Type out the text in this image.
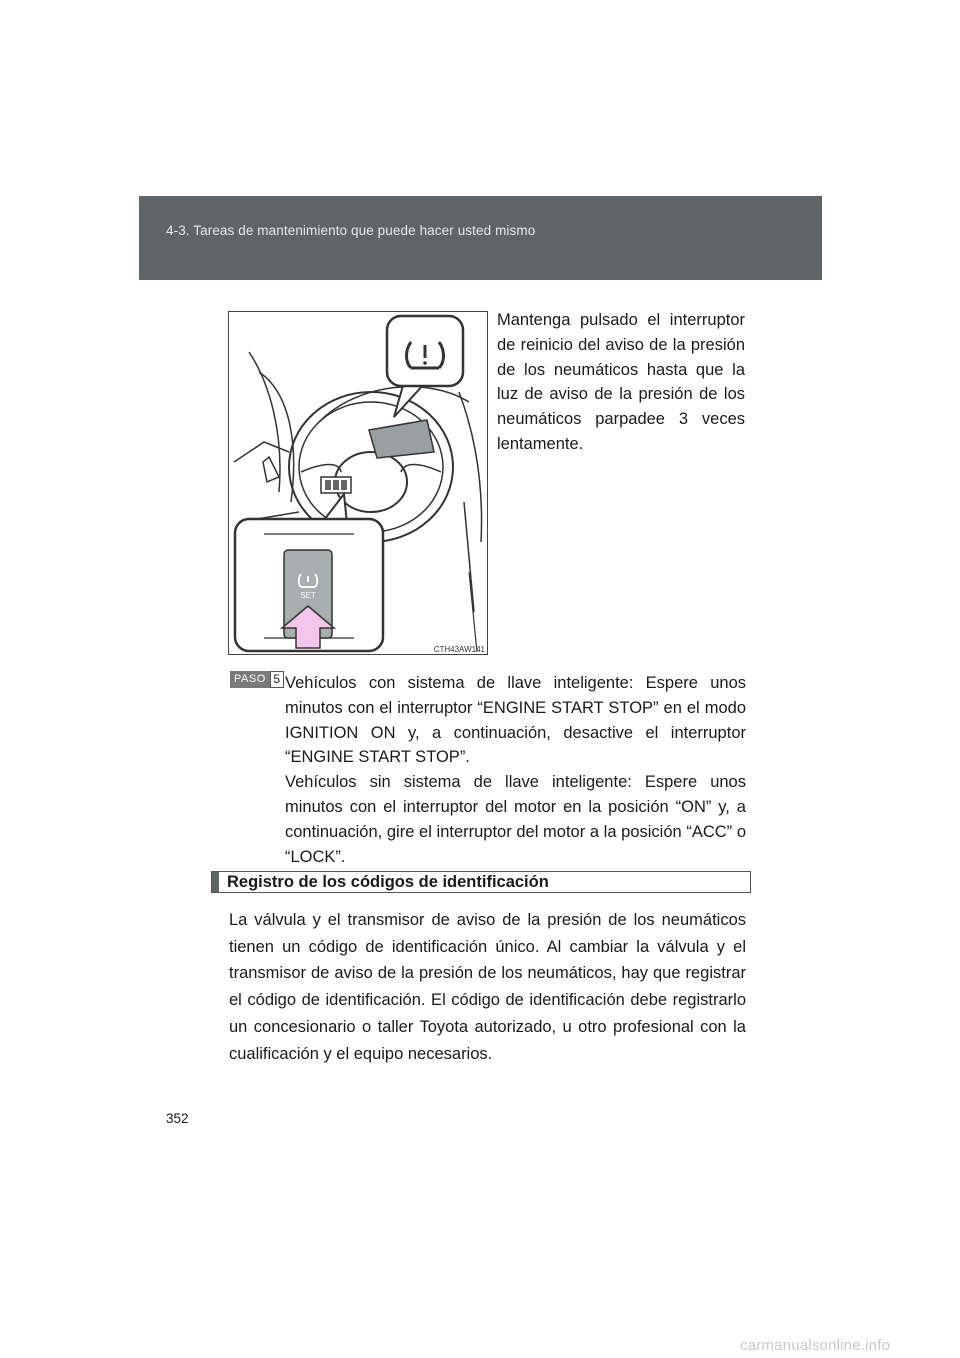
4-3. Tareas de mantenimiento que puede hacer usted mismo
SET
CTH43AW141
Mantenga pulsado el interruptor de reinicio del aviso de la presión de los neumáticos hasta que la luz de aviso de la presión de los neumáticos parpadee 3 veces lentamente.
PASO 5 Vehículos con sistema de llave inteligente: Espere unos minutos con el interruptor “ENGINE START STOP” en el modo IGNITION ON y, a continuación, desactive el interruptor “ENGINE START STOP”.

Vehículos sin sistema de llave inteligente: Espere unos minutos con el interruptor del motor en la posición “ON” y, a continuación, gire el interruptor del motor a la posición “ACC” o “LOCK”.

Registro de los códigos de identificación

La válvula y el transmisor de aviso de la presión de los neumáticos tienen un código de identificación único. Al cambiar la válvula y el transmisor de aviso de la presión de los neumáticos, hay que registrar el código de identificación. El código de identificación debe registrarlo un concesionario o taller Toyota autorizado, u otro profesional con la cualificación y el equipo necesarios.

352
carmanualsonline.info
